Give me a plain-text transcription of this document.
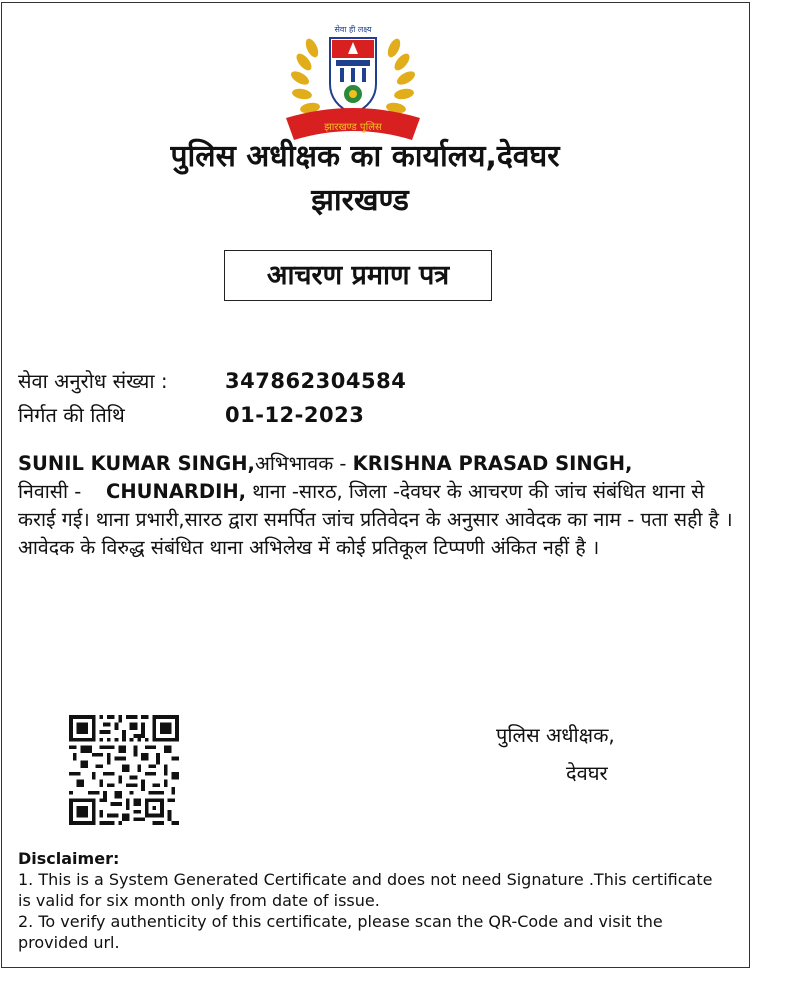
झारखण्ड पुलिस
सेवा ही लक्ष्य
पुलिस अधीक्षक का कार्यालय,देवघर
झारखण्ड
आचरण प्रमाण पत्र
सेवा अनुरोध संख्या :	347862304584
निर्गत की तिथि	01-12-2023
SUNIL KUMAR SINGH,अभिभावक - KRISHNA PRASAD SINGH,
निवासी -    CHUNARDIH, थाना -सारठ, जिला -देवघर के आचरण की जांच संबंधित थाना से कराई गई। थाना प्रभारी,सारठ द्वारा समर्पित जांच प्रतिवेदन के अनुसार आवेदक का नाम - पता सही है । आवेदक के विरुद्ध संबंधित थाना अभिलेख में कोई प्रतिकूल टिप्पणी अंकित नहीं है ।
पुलिस अधीक्षक,
देवघर
Disclaimer:
1. This is a System Generated Certificate and does not need Signature .This certificate is valid for six month only from date of issue.
2. To verify authenticity of this certificate, please scan the QR-Code and visit the provided url.
